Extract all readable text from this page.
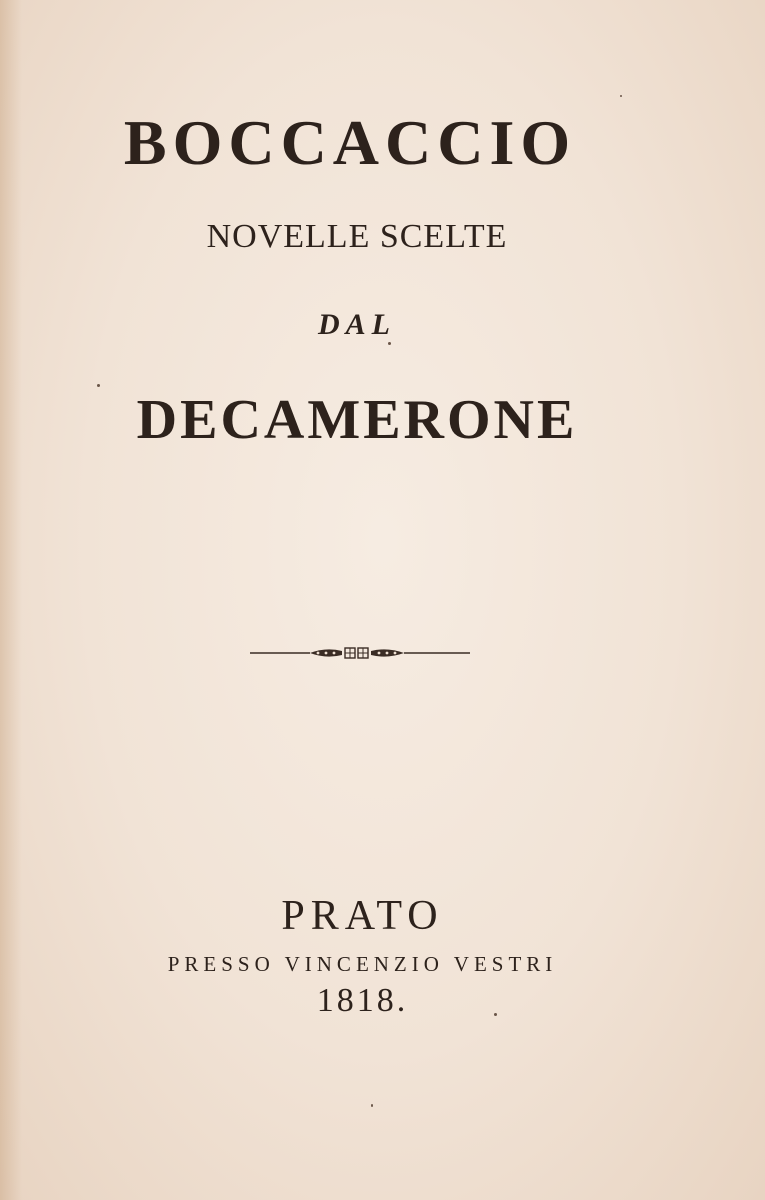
BOCCACCIO
NOVELLE SCELTE
DAL
DECAMERONE
PRATO
PRESSO VINCENZIO VESTRI
1818.
